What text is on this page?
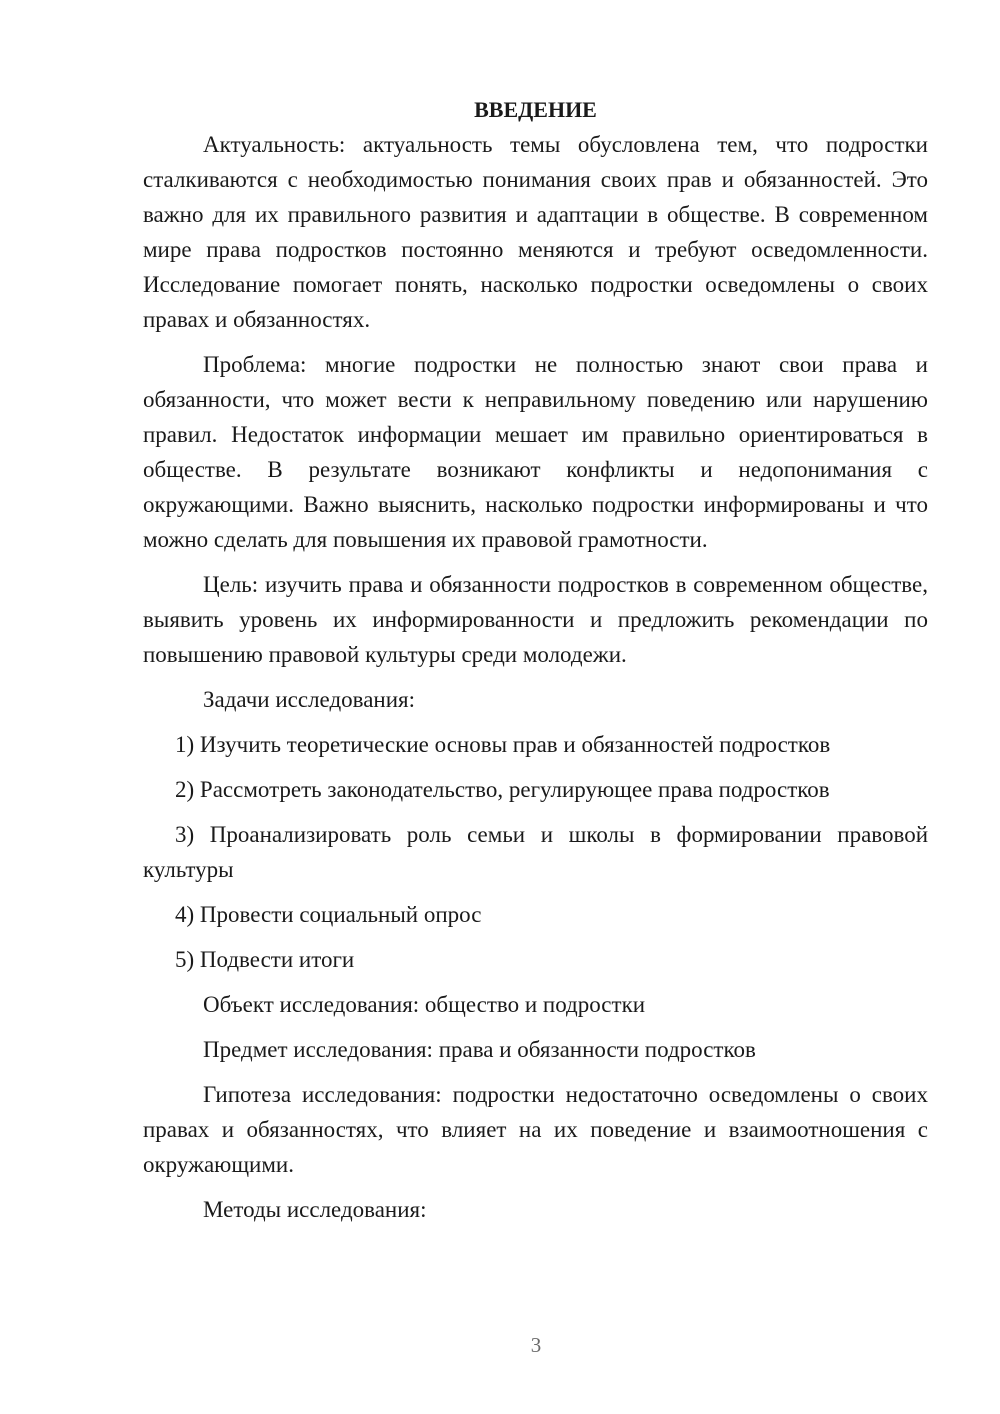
ВВЕДЕНИЕ

Актуальность: актуальность темы обусловлена тем, что подростки сталкиваются с необходимостью понимания своих прав и обязанностей. Это важно для их правильного развития и адаптации в обществе. В современном мире права подростков постоянно меняются и требуют осведомленности. Исследование помогает понять, насколько подростки осведомлены о своих правах и обязанностях.

Проблема: многие подростки не полностью знают свои права и обязанности, что может вести к неправильному поведению или нарушению правил. Недостаток информации мешает им правильно ориентироваться в обществе. В результате возникают конфликты и недопонимания с окружающими. Важно выяснить, насколько подростки информированы и что можно сделать для повышения их правовой грамотности.

Цель: изучить права и обязанности подростков в современном обществе, выявить уровень их информированности и предложить рекомендации по повышению правовой культуры среди молодежи.

Задачи исследования:

1) Изучить теоретические основы прав и обязанностей подростков

2) Рассмотреть законодательство, регулирующее права подростков

3) Проанализировать роль семьи и школы в формировании правовой культуры

4) Провести социальный опрос

5) Подвести итоги

Объект исследования: общество и подростки

Предмет исследования: права и обязанности подростков

Гипотеза исследования: подростки недостаточно осведомлены о своих правах и обязанностях, что влияет на их поведение и взаимоотношения с окружающими.

Методы исследования:

3
